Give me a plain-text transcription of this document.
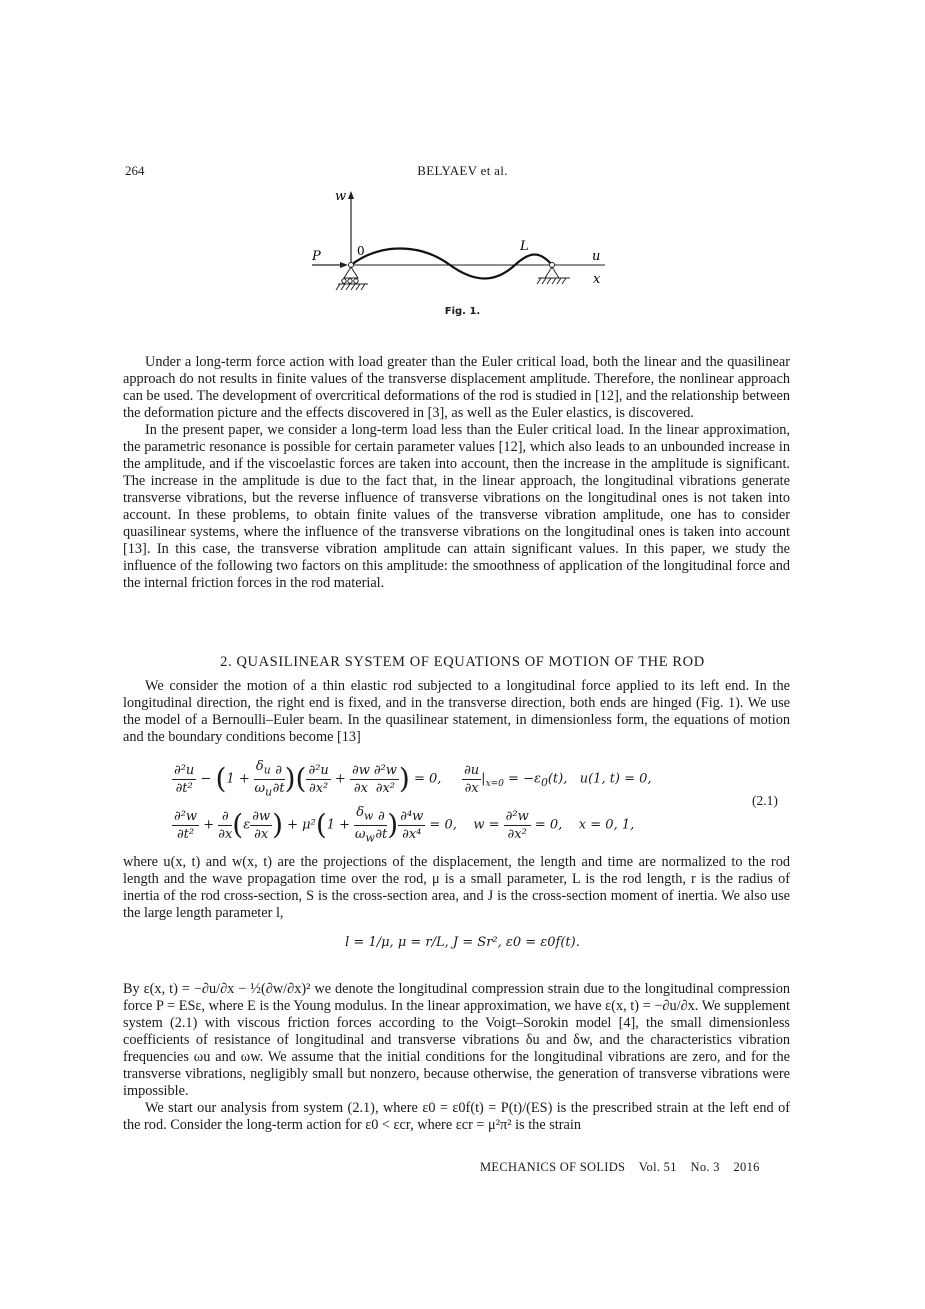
264	BELYAEV et al.
w
u
x
P	0	L
Fig. 1.

Under a long-term force action with load greater than the Euler critical load, both the linear and the quasilinear approach do not results in finite values of the transverse displacement amplitude. Therefore, the nonlinear approach can be used. The development of overcritical deformations of the rod is studied in [12], and the relationship between the deformation picture and the effects discovered in [3], as well as the Euler elastics, is discovered.

In the present paper, we consider a long-term load less than the Euler critical load. In the linear approximation, the parametric resonance is possible for certain parameter values [12], which also leads to an unbounded increase in the amplitude, and if the viscoelastic forces are taken into account, then the increase in the amplitude is significant. The increase in the amplitude is due to the fact that, in the linear approach, the longitudinal vibrations generate transverse vibrations, but the reverse influence of transverse vibrations on the longitudinal ones is not taken into account. In these problems, to obtain finite values of the transverse vibration amplitude, one has to consider quasilinear systems, where the influence of the transverse vibrations on the longitudinal ones is taken into account [13]. In this case, the transverse vibration amplitude can attain significant values. In this paper, we study the influence of the following two factors on this amplitude: the smoothness of application of the longitudinal force and the internal friction forces in the rod material.

2. QUASILINEAR SYSTEM OF EQUATIONS OF MOTION OF THE ROD

We consider the motion of a thin elastic rod subjected to a longitudinal force applied to its left end. In the longitudinal direction, the right end is fixed, and in the transverse direction, both ends are hinged (Fig. 1). We use the model of a Bernoulli–Euler beam. In the quasilinear statement, in dimensionless form, the equations of motion and the boundary conditions become [13]

$\frac{\text{∂²u}}{\text{∂t²}} - (1 + \frac{\delta_u}{\omega_u} \frac{\partial}{\partial t}$ )( $\frac{\text{∂²u}}{\text{∂x²}} + \frac{\partial w}{\partial x} \frac{\text{∂²w}}{\text{∂x²}}$ ) = 0, $\frac{\partial u}{\partial x} |_{x=0} = -\varepsilon_0(t)$,   u(1, t) = 0,
$\frac{\text{∂²w}}{\text{∂t²}} + \frac{\partial}{\partial x} (\varepsilon \frac{\partial w}{\partial x}$ ) + $\mu^2(1 + \frac{\delta_w}{\omega_w} \frac{\partial}{\partial t}$ ) $\frac{\text{∂⁴w}}{\text{∂x⁴}} = 0$,    $w = \frac{\text{∂²w}}{\text{∂x²}} = 0$,    x = 0, 1,
(2.1)

where u(x, t) and w(x, t) are the projections of the displacement, the length and time are normalized to the rod length and the wave propagation time over the rod, μ is a small parameter, L is the rod length, r is the radius of inertia of the rod cross-section, S is the cross-section area, and J is the cross-section moment of inertia. We also use the large length parameter l,

l = 1/μ, μ = r/L, J = Sr², ε0 = ε0f(t).

By ε(x, t) = −∂u/∂x − ½(∂w/∂x)² we denote the longitudinal compression strain due to the longitudinal compression force P = ESε, where E is the Young modulus. In the linear approximation, we have ε(x, t) = −∂u/∂x. We supplement system (2.1) with viscous friction forces according to the Voigt–Sorokin model [4], the small dimensionless coefficients of resistance of longitudinal and transverse vibrations δu and δw, and the characteristics vibration frequencies ωu and ωw. We assume that the initial conditions for the longitudinal vibrations are zero, and for the transverse vibrations, negligibly small but nonzero, because otherwise, the generation of transverse vibrations were impossible.

We start our analysis from system (2.1), where ε0 = ε0f(t) = P(t)/(ES) is the prescribed strain at the left end of the rod. Consider the long-term action for ε0 < εcr, where εcr = μ²π² is the strain

MECHANICS OF SOLIDS Vol. 51 No. 3 2016
